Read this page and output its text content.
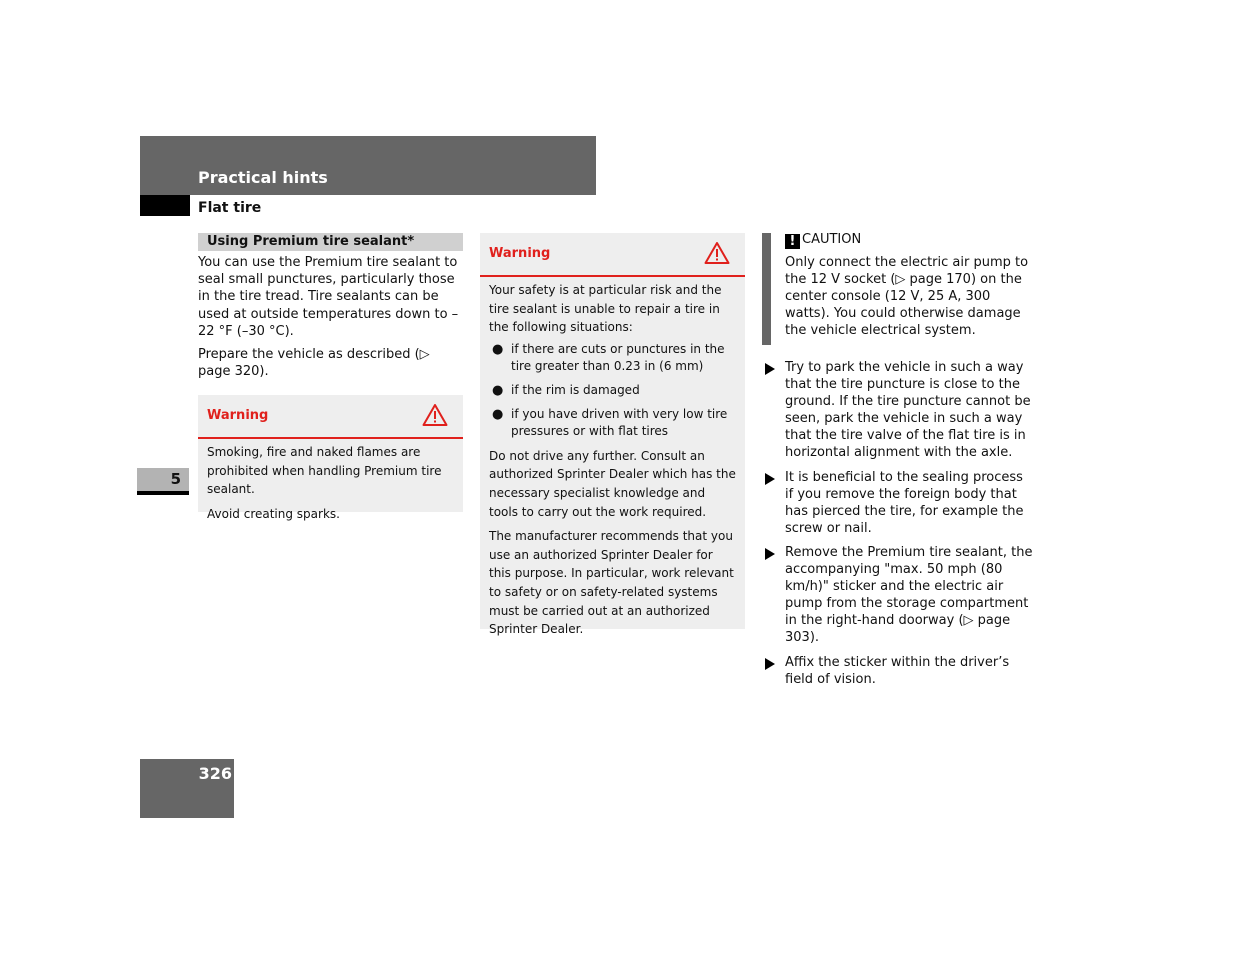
Practical hints
Flat tire
5
326
Using Premium tire sealant*

You can use the Premium tire sealant to seal small punctures, particularly those in the tire tread. Tire sealants can be used at outside temperatures down to –22 °F (–30 °C).

Prepare the vehicle as described (▷ page 320).

Warning

Smoking, fire and naked flames are prohibited when handling Premium tire sealant.

Avoid creating sparks.

Warning

Your safety is at particular risk and the tire sealant is unable to repair a tire in the following situations:

● if there are cuts or punctures in the tire greater than 0.23 in (6 mm)
● if the rim is damaged
● if you have driven with very low tire pressures or with flat tires

Do not drive any further. Consult an authorized Sprinter Dealer which has the necessary specialist knowledge and tools to carry out the work required.

The manufacturer recommends that you use an authorized Sprinter Dealer for this purpose. In particular, work relevant to safety or on safety-related systems must be carried out at an authorized Sprinter Dealer.

! CAUTION
Only connect the electric air pump to the 12 V socket (▷ page 170) on the center console (12 V, 25 A, 300 watts). You could otherwise damage the vehicle electrical system.
Try to park the vehicle in such a way that the tire puncture is close to the ground. If the tire puncture cannot be seen, park the vehicle in such a way that the tire valve of the flat tire is in horizontal alignment with the axle.
It is beneficial to the sealing process if you remove the foreign body that has pierced the tire, for example the screw or nail.
Remove the Premium tire sealant, the accompanying "max. 50 mph (80 km/h)" sticker and the electric air pump from the storage compartment in the right-hand doorway (▷ page 303).
Affix the sticker within the driver’s field of vision.
